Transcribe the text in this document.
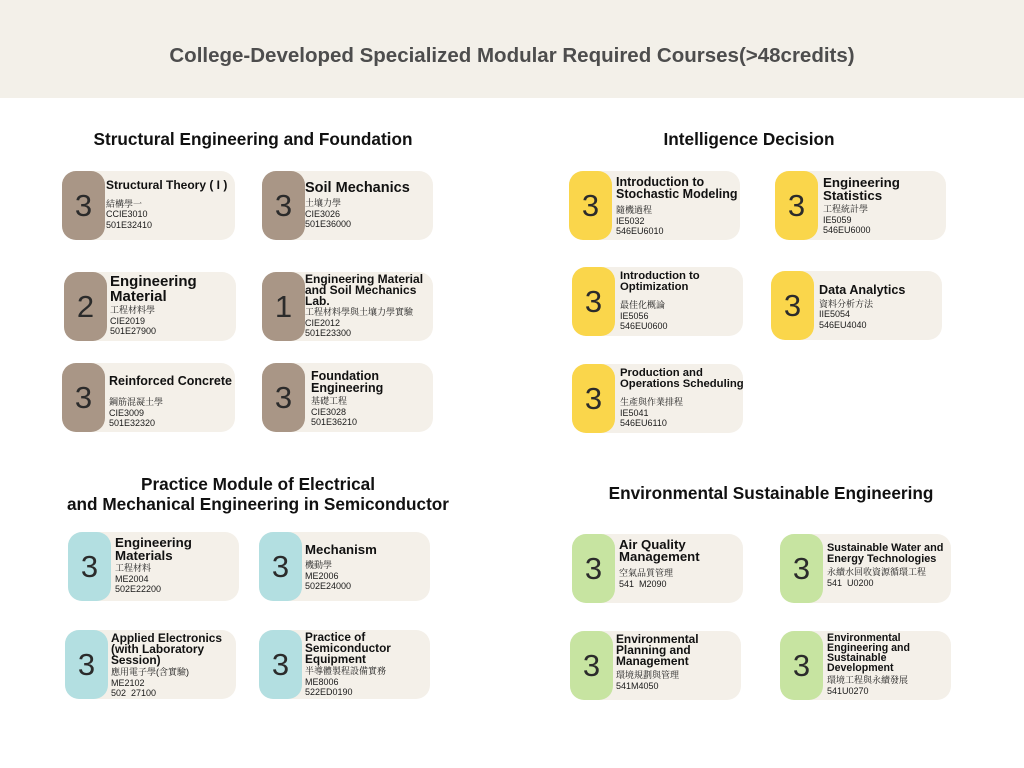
College-Developed Specialized Modular Required Courses(>48credits)
Structural Engineering and Foundation
3
Structural Theory ( I )
結構學一
CCIE3010
501E32410
3 Soil Mechanics
土壤力學
CIE3026
501E36000
2
Engineering
Material
工程材料學
CIE2019
501E27900
1
Engineering Material
and Soil Mechanics
Lab.
工程材料學與土壤力學實驗
CIE2012
501E23300
3 Reinforced Concrete
鋼筋混凝土學
CIE3009
501E32320
3
Foundation
Engineering
基礎工程
CIE3028
501E36210
Intelligence Decision
3
Introduction to
Stochastic Modeling
隨機過程
IE5032
546EU6010
3
Engineering
Statistics
工程統計學
IE5059
546EU6000
3
Introduction to
Optimization
最佳化概論
IE5056
546EU0600
3 Data Analytics
資料分析方法
IIE5054
546EU4040
3
Production and
Operations Scheduling
生產與作業排程
IE5041
546EU6110
Practice Module of Electrical
and Mechanical Engineering in Semiconductor
3
Engineering
Materials
工程材料
ME2004
502E22200
3 Mechanism
機動學
ME2006
502E24000
3
Applied Electronics
(with Laboratory
Session)
應用電子學(含實驗)
ME2102
502  27100
3
Practice of
Semiconductor
Equipment
半導體製程設備實務
ME8006
522ED0190
Environmental Sustainable Engineering
3
Air Quality
Management
空氣品質管理
541  M2090	3
Sustainable Water and
Energy Technologies
永續水回收資源循環工程
541  U0200
3
Environmental
Planning and
Management
環境規劃與管理
541M4050
3
Environmental
Engineering and
Sustainable
Development
環境工程與永續發展
541U0270
